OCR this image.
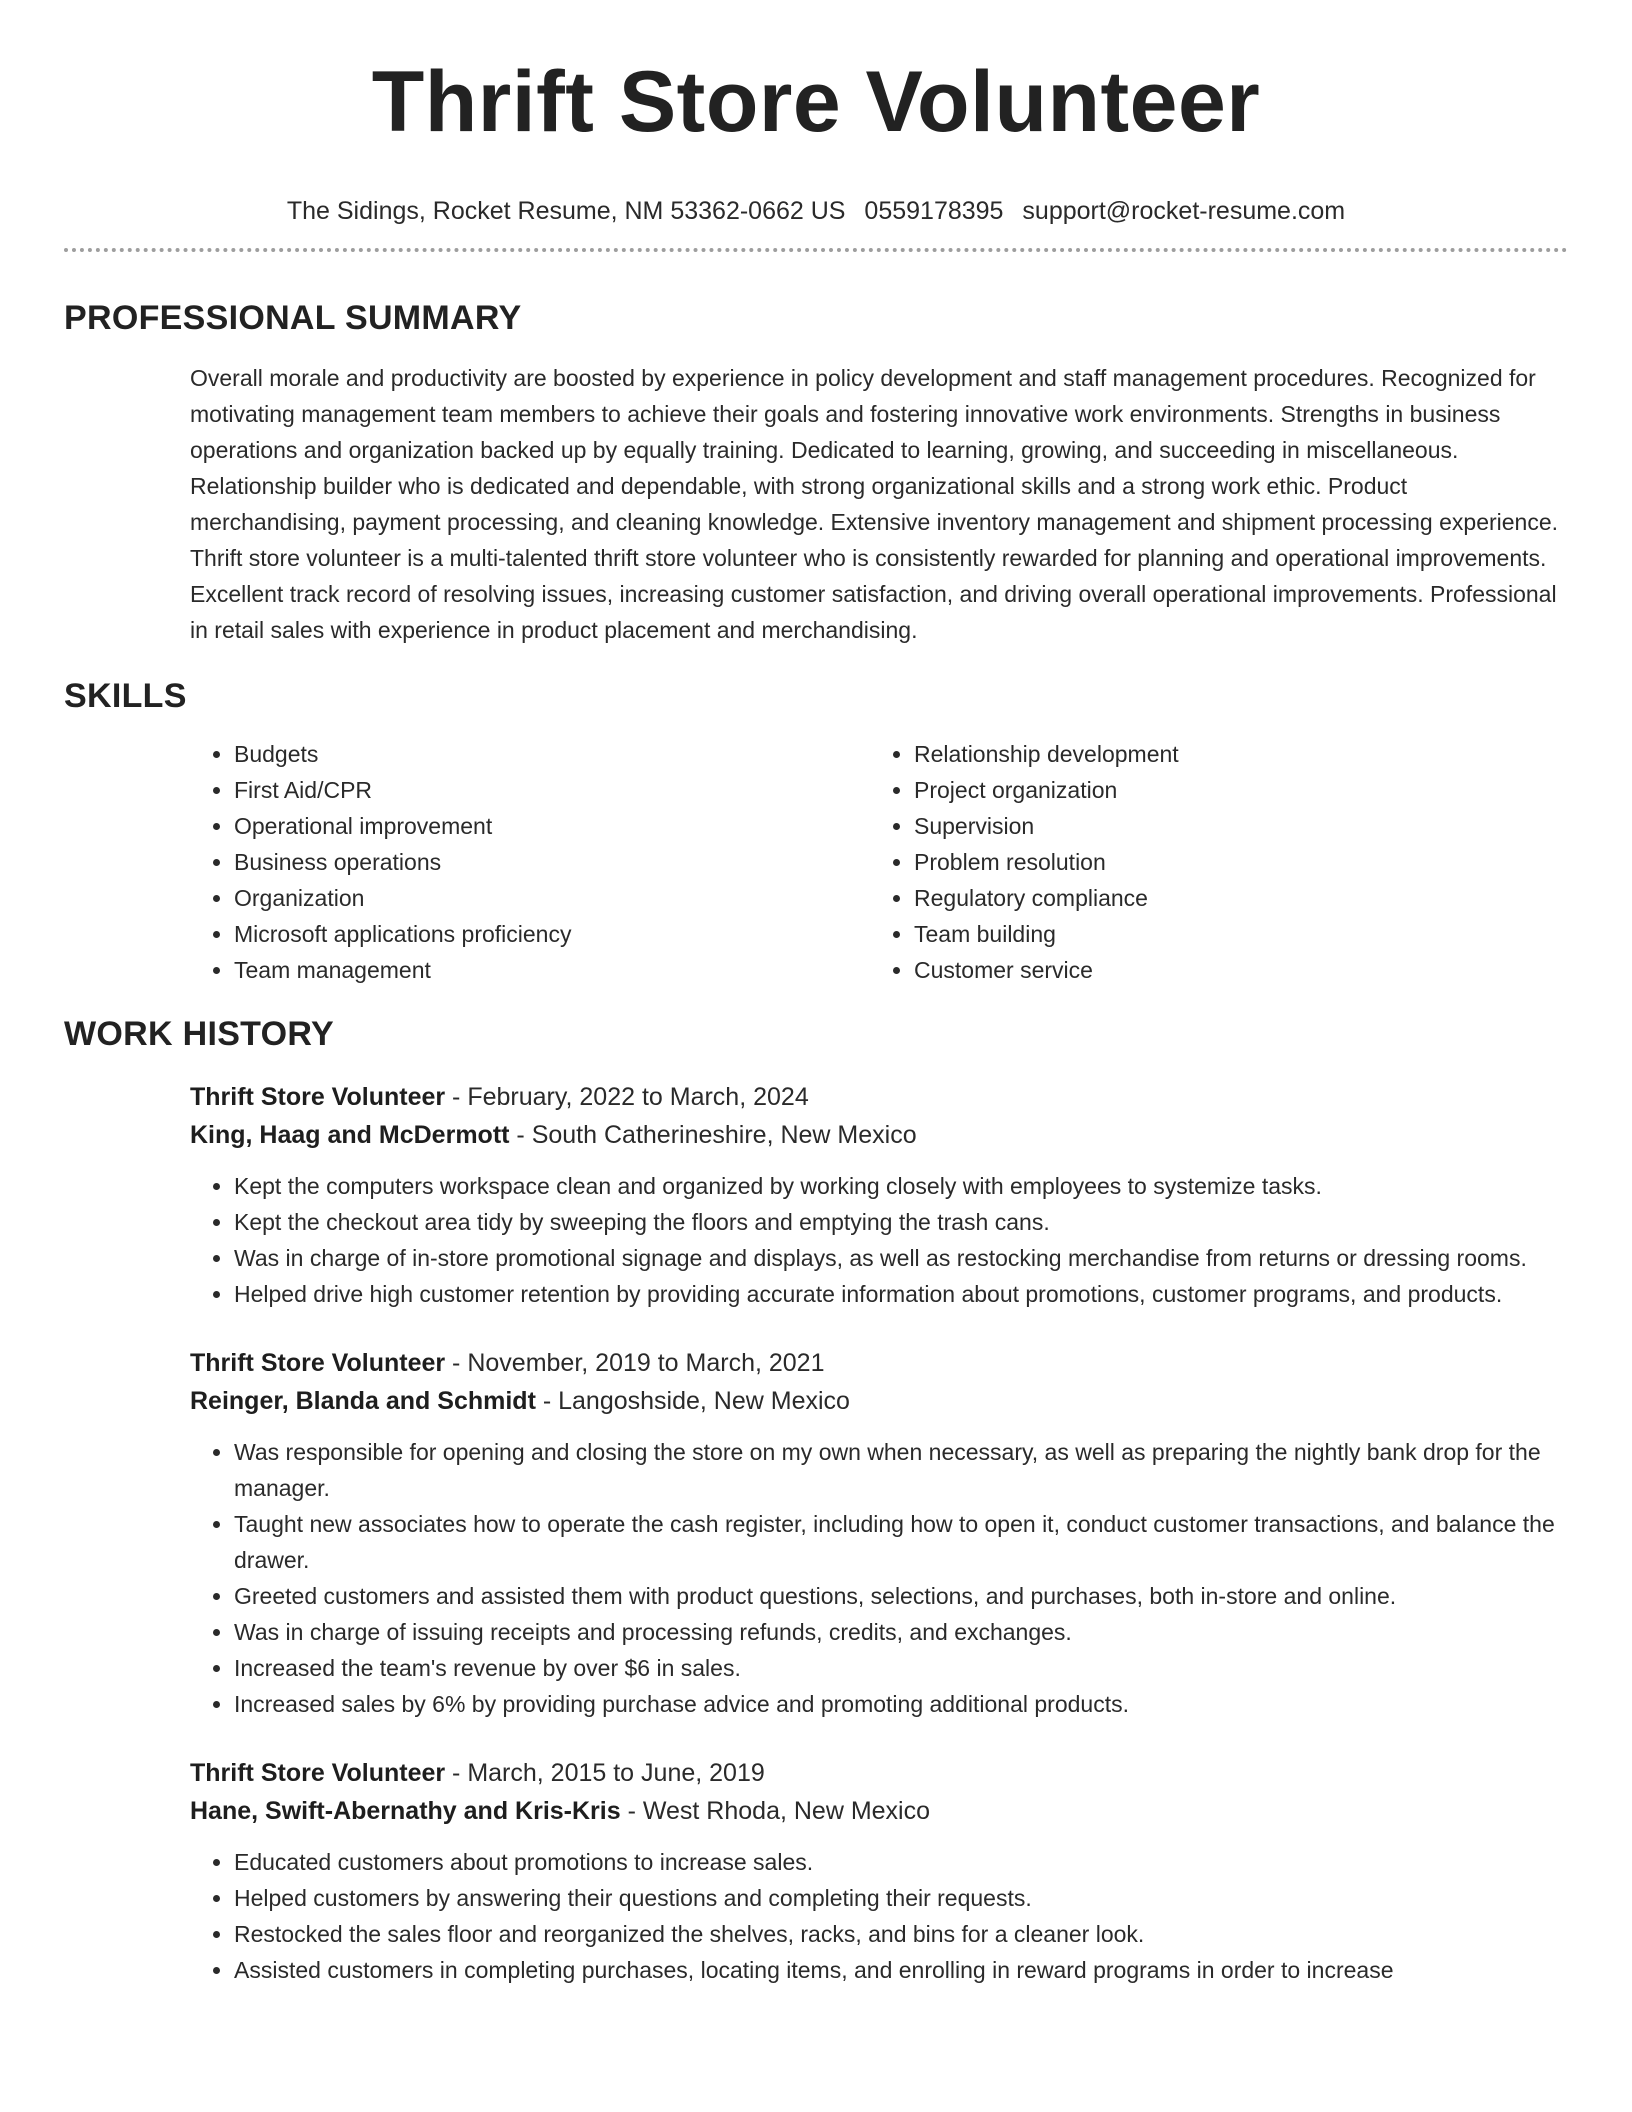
Thrift Store Volunteer
The Sidings, Rocket Resume, NM 53362-0662 US 0559178395 support@rocket-resume.com
PROFESSIONAL SUMMARY

Overall morale and productivity are boosted by experience in policy development and staff management procedures. Recognized for motivating management team members to achieve their goals and fostering innovative work environments. Strengths in business operations and organization backed up by equally training. Dedicated to learning, growing, and succeeding in miscellaneous. Relationship builder who is dedicated and dependable, with strong organizational skills and a strong work ethic. Product merchandising, payment processing, and cleaning knowledge. Extensive inventory management and shipment processing experience. Thrift store volunteer is a multi-talented thrift store volunteer who is consistently rewarded for planning and operational improvements. Excellent track record of resolving issues, increasing customer satisfaction, and driving overall operational improvements. Professional in retail sales with experience in product placement and merchandising.

SKILLS
• Budgets
• First Aid/CPR
• Operational improvement
• Business operations
• Organization
• Microsoft applications proficiency
• Team management
• Relationship development
• Project organization
• Supervision
• Problem resolution
• Regulatory compliance
• Team building
• Customer service
WORK HISTORY
Thrift Store Volunteer - February, 2022 to March, 2024
King, Haag and McDermott - South Catherineshire, New Mexico
• Kept the computers workspace clean and organized by working closely with employees to systemize tasks.
• Kept the checkout area tidy by sweeping the floors and emptying the trash cans.
• Was in charge of in-store promotional signage and displays, as well as restocking merchandise from returns or dressing rooms.
• Helped drive high customer retention by providing accurate information about promotions, customer programs, and products.
Thrift Store Volunteer - November, 2019 to March, 2021
Reinger, Blanda and Schmidt - Langoshside, New Mexico
• Was responsible for opening and closing the store on my own when necessary, as well as preparing the nightly bank drop for the manager.
• Taught new associates how to operate the cash register, including how to open it, conduct customer transactions, and balance the drawer.
• Greeted customers and assisted them with product questions, selections, and purchases, both in-store and online.
• Was in charge of issuing receipts and processing refunds, credits, and exchanges.
• Increased the team's revenue by over $6 in sales.
• Increased sales by 6% by providing purchase advice and promoting additional products.
Thrift Store Volunteer - March, 2015 to June, 2019
Hane, Swift-Abernathy and Kris-Kris - West Rhoda, New Mexico
• Educated customers about promotions to increase sales.
• Helped customers by answering their questions and completing their requests.
• Restocked the sales floor and reorganized the shelves, racks, and bins for a cleaner look.
• Assisted customers in completing purchases, locating items, and enrolling in reward programs in order to increase
